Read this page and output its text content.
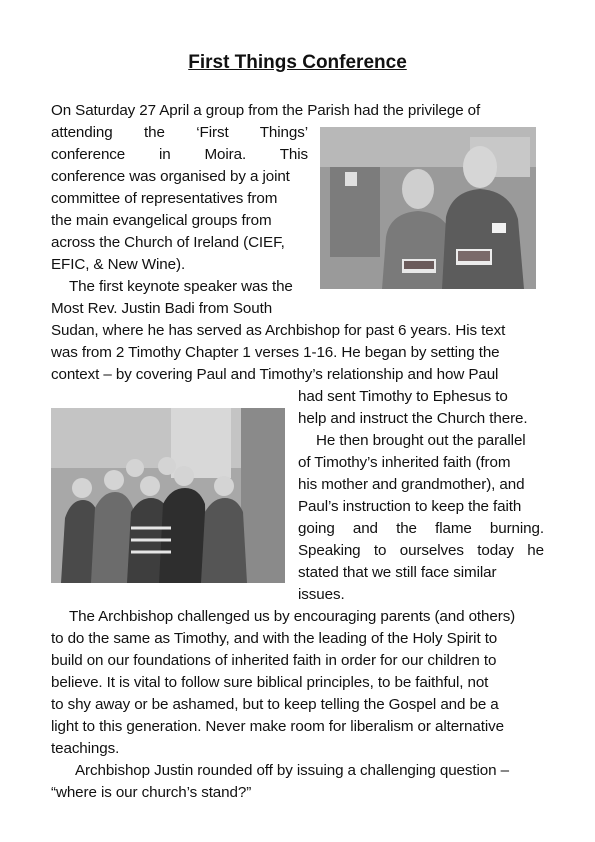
First Things Conference
On Saturday 27 April a group from the Parish had the privilege of
attending the ‘First Things’
conference in Moira. This
conference was organised by a joint
committee of representatives from
the main evangelical groups from
across the Church of Ireland (CIEF,
EFIC, & New Wine).
The first keynote speaker was the
Most Rev. Justin Badi from South
Sudan, where he has served as Archbishop for past 6 years. His text
was from 2 Timothy Chapter 1 verses 1-16. He began by setting the
context – by covering Paul and Timothy’s relationship and how Paul
had sent Timothy to Ephesus to
help and instruct the Church there.
He then brought out the parallel
of Timothy’s inherited faith (from
his mother and grandmother), and
Paul’s instruction to keep the faith
going and the flame burning.
Speaking to ourselves today he
stated that we still face similar
issues.
The Archbishop challenged us by encouraging parents (and others)
to do the same as Timothy, and with the leading of the Holy Spirit to
build on our foundations of inherited faith in order for our children to
believe. It is vital to follow sure biblical principles, to be faithful, not
to shy away or be ashamed, but to keep telling the Gospel and be a
light to this generation. Never make room for liberalism or alternative
teachings.
Archbishop Justin rounded off by issuing a challenging question –
“where is our church’s stand?”
